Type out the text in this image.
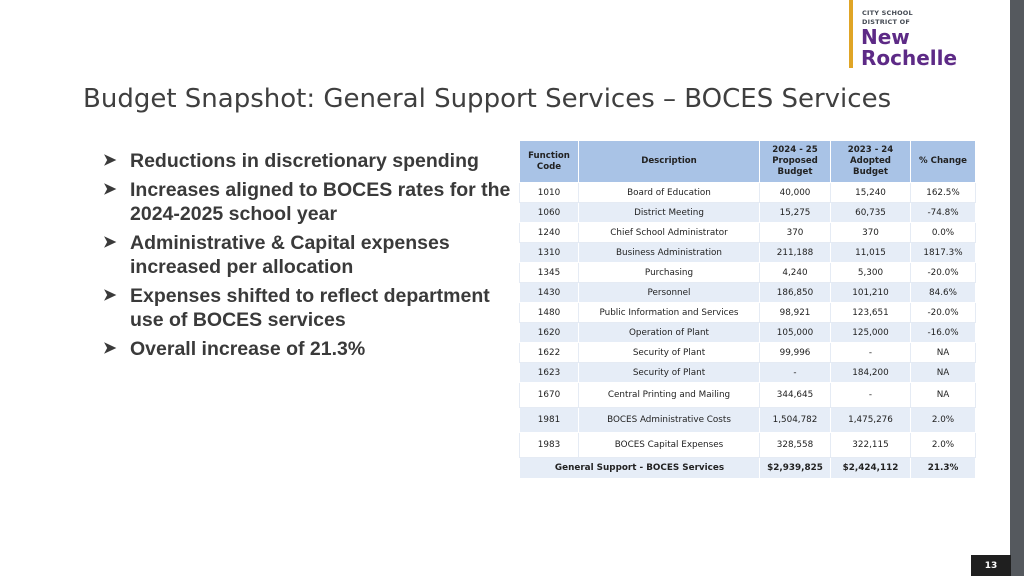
CITY SCHOOL
DISTRICT OF
New
Rochelle
Budget Snapshot: General Support Services – BOCES Services
➤ Reductions in discretionary spending
➤ Increases aligned to BOCES rates for the 2024-2025 school year
➤ Administrative & Capital expenses increased per allocation
➤ Expenses shifted to reflect department use of BOCES services
➤ Overall increase of 21.3%
Function Code	Description	2024 - 25 Proposed Budget	2023 - 24 Adopted Budget	% Change
1010	Board of Education	40,000	15,240	162.5%
1060	District Meeting	15,275	60,735	-74.8%
1240	Chief School Administrator	370	370	0.0%
1310	Business Administration	211,188	11,015	1817.3%
1345	Purchasing	4,240	5,300	-20.0%
1430	Personnel	186,850	101,210	84.6%
1480	Public Information and Services	98,921	123,651	-20.0%
1620	Operation of Plant	105,000	125,000	-16.0%
1622	Security of Plant	99,996	-	NA
1623	Security of Plant	-	184,200	NA
1670	Central Printing and Mailing	344,645	-	NA
1981	BOCES Administrative Costs	1,504,782	1,475,276	2.0%
1983	BOCES Capital Expenses	328,558	322,115	2.0%
General Support - BOCES Services		$2,939,825	$2,424,112	21.3%
13
